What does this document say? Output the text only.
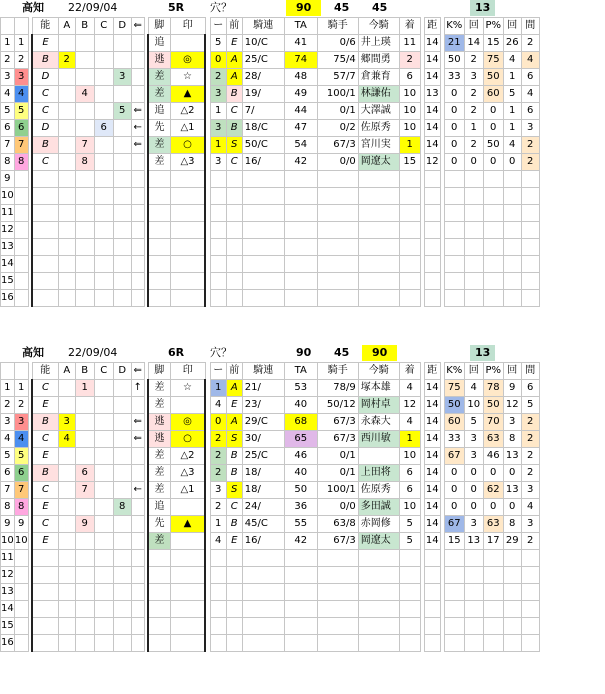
高知 22/09/04	5R 穴？	90	45 45	13
			能	A	B	C	D	⇐		脚	印		ー	前	騎連	TA	騎手	今騎	着		距		K%	回	P%	回	間
1	1		E							追			5	E	10/C	41	0/6	井上瑛	11		14		21	14	15	26	2
2	2		B	2						逃	◎		0	A	25/C	74	75/4	郷間勇	2		14		50	2	75	4	4
3	3		D				3			差	☆		2	A	28/	48	57/7	倉兼育	6		14		33	3	50	1	6
4	4		C		4					差	▲		3	B	19/	49	100/1	林謙佑	10		13		0	2	60	5	4
5	5		C				5	⇐		追	△2		1	C	7/	44	0/1	大澤誠	10		14		0	2	0	1	6
6	6		D			6		←		先	△1		3	B	18/C	47	0/2	佐原秀	10		14		0	1	0	1	3
7	7		B		7			⇐		差	○		1	S	50/C	54	67/3	宮川実	1		14		0	2	50	4	2
8	8		C		8					差	△3		3	C	16/	42	0/0	岡遼太	15		12		0	0	0	0	2
9																											
10																											
11																											
12																											
13																											
14																											
15																											
16																											
高知 22/09/04	6R 穴？	90 45	90	13
			能	A	B	C	D	⇐		脚	印		ー	前	騎連	TA	騎手	今騎	着		距		K%	回	P%	回	間
1	1		C		1			↑		差	☆		1	A	21/	53	78/9	塚本雄	4		14		75	4	78	9	6
2	2		E							差			4	E	23/	40	50/12	岡村卓	12		14		50	10	50	12	5
3	3		B	3				⇐		逃	◎		0	A	29/C	68	67/3	永森大	4		14		60	5	70	3	2
4	4		C	4				⇐		逃	○		2	S	30/	65	67/3	西川敏	1		14		33	3	63	8	2
5	5		E							差	△2		2	B	25/C	46	0/1		10		14		67	3	46	13	2
6	6		B		6					差	△3		2	B	18/	40	0/1	上田将	6		14		0	0	0	0	2
7	7		C		7			←		差	△1		3	S	18/	50	100/1	佐原秀	6		14		0	0	62	13	3
8	8		E				8			追			2	C	24/	36	0/0	多田誠	10		14		0	0	0	0	4
9	9		C		9					先	▲		1	B	45/C	55	63/8	赤岡修	5		14		67	3	63	8	3
10	10		E							差			4	E	16/	42	67/3	岡遼太	5		14		15	13	17	29	2
11																											
12																											
13																											
14																											
15																											
16																											
